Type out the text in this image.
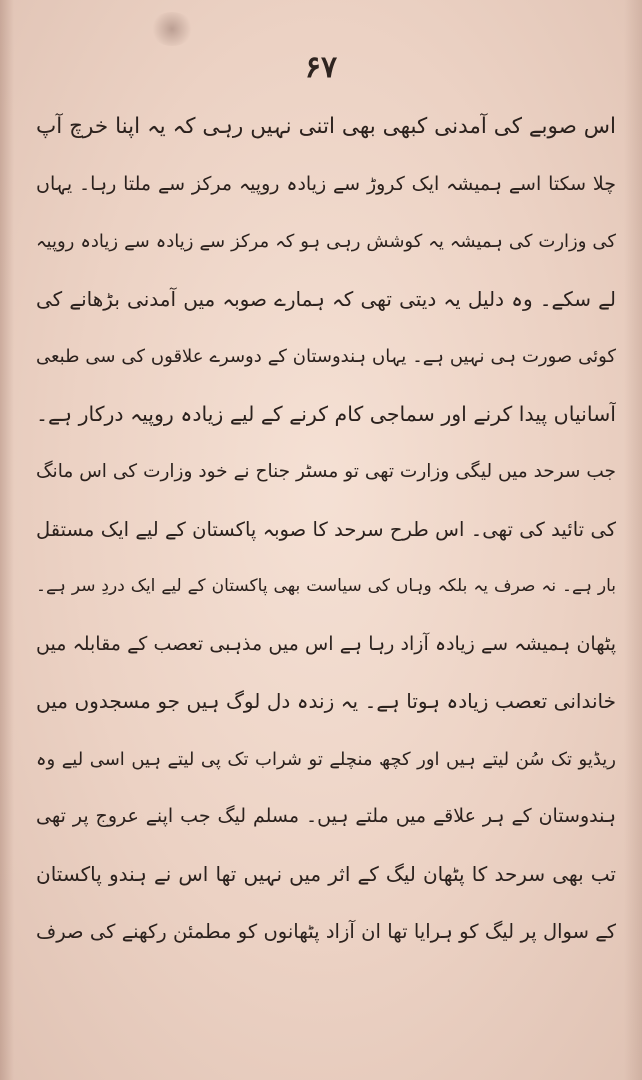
۶۷
اس صوبے کی آمدنی کبھی بھی اتنی نہیں رہی کہ یہ اپنا خرچ آپ
چلا سکتا اسے ہمیشہ ایک کروڑ سے زیادہ روپیہ مرکز سے ملتا رہا۔ یہاں
کی وزارت کی ہمیشہ یہ کوشش رہی ہو کہ مرکز سے زیادہ سے زیادہ روپیہ
لے سکے۔ وہ دلیل یہ دیتی تھی کہ ہمارے صوبہ میں آمدنی بڑھانے کی
کوئی صورت ہی نہیں ہے۔ یہاں ہندوستان کے دوسرے علاقوں کی سی طبعی
آسانیاں پیدا کرنے اور سماجی کام کرنے کے لیے زیادہ روپیہ درکار ہے۔
جب سرحد میں لیگی وزارت تھی تو مسٹر جناح نے خود وزارت کی اس مانگ
کی تائید کی تھی۔ اس طرح سرحد کا صوبہ پاکستان کے لیے ایک مستقل
بار ہے۔ نہ صرف یہ بلکہ وہاں کی سیاست بھی پاکستان کے لیے ایک دردِ سر ہے۔
پٹھان ہمیشہ سے زیادہ آزاد رہا ہے اس میں مذہبی تعصب کے مقابلہ میں
خاندانی تعصب زیادہ ہوتا ہے۔ یہ زندہ دل لوگ ہیں جو مسجدوں میں
ریڈیو تک سُن لیتے ہیں اور کچھ منچلے تو شراب تک پی لیتے ہیں اسی لیے وہ
ہندوستان کے ہر علاقے میں ملتے ہیں۔ مسلم لیگ جب اپنے عروج پر تھی
تب بھی سرحد کا پٹھان لیگ کے اثر میں نہیں تھا اس نے ہندو پاکستان
کے سوال پر لیگ کو ہرایا تھا ان آزاد پٹھانوں کو مطمئن رکھنے کی صرف
